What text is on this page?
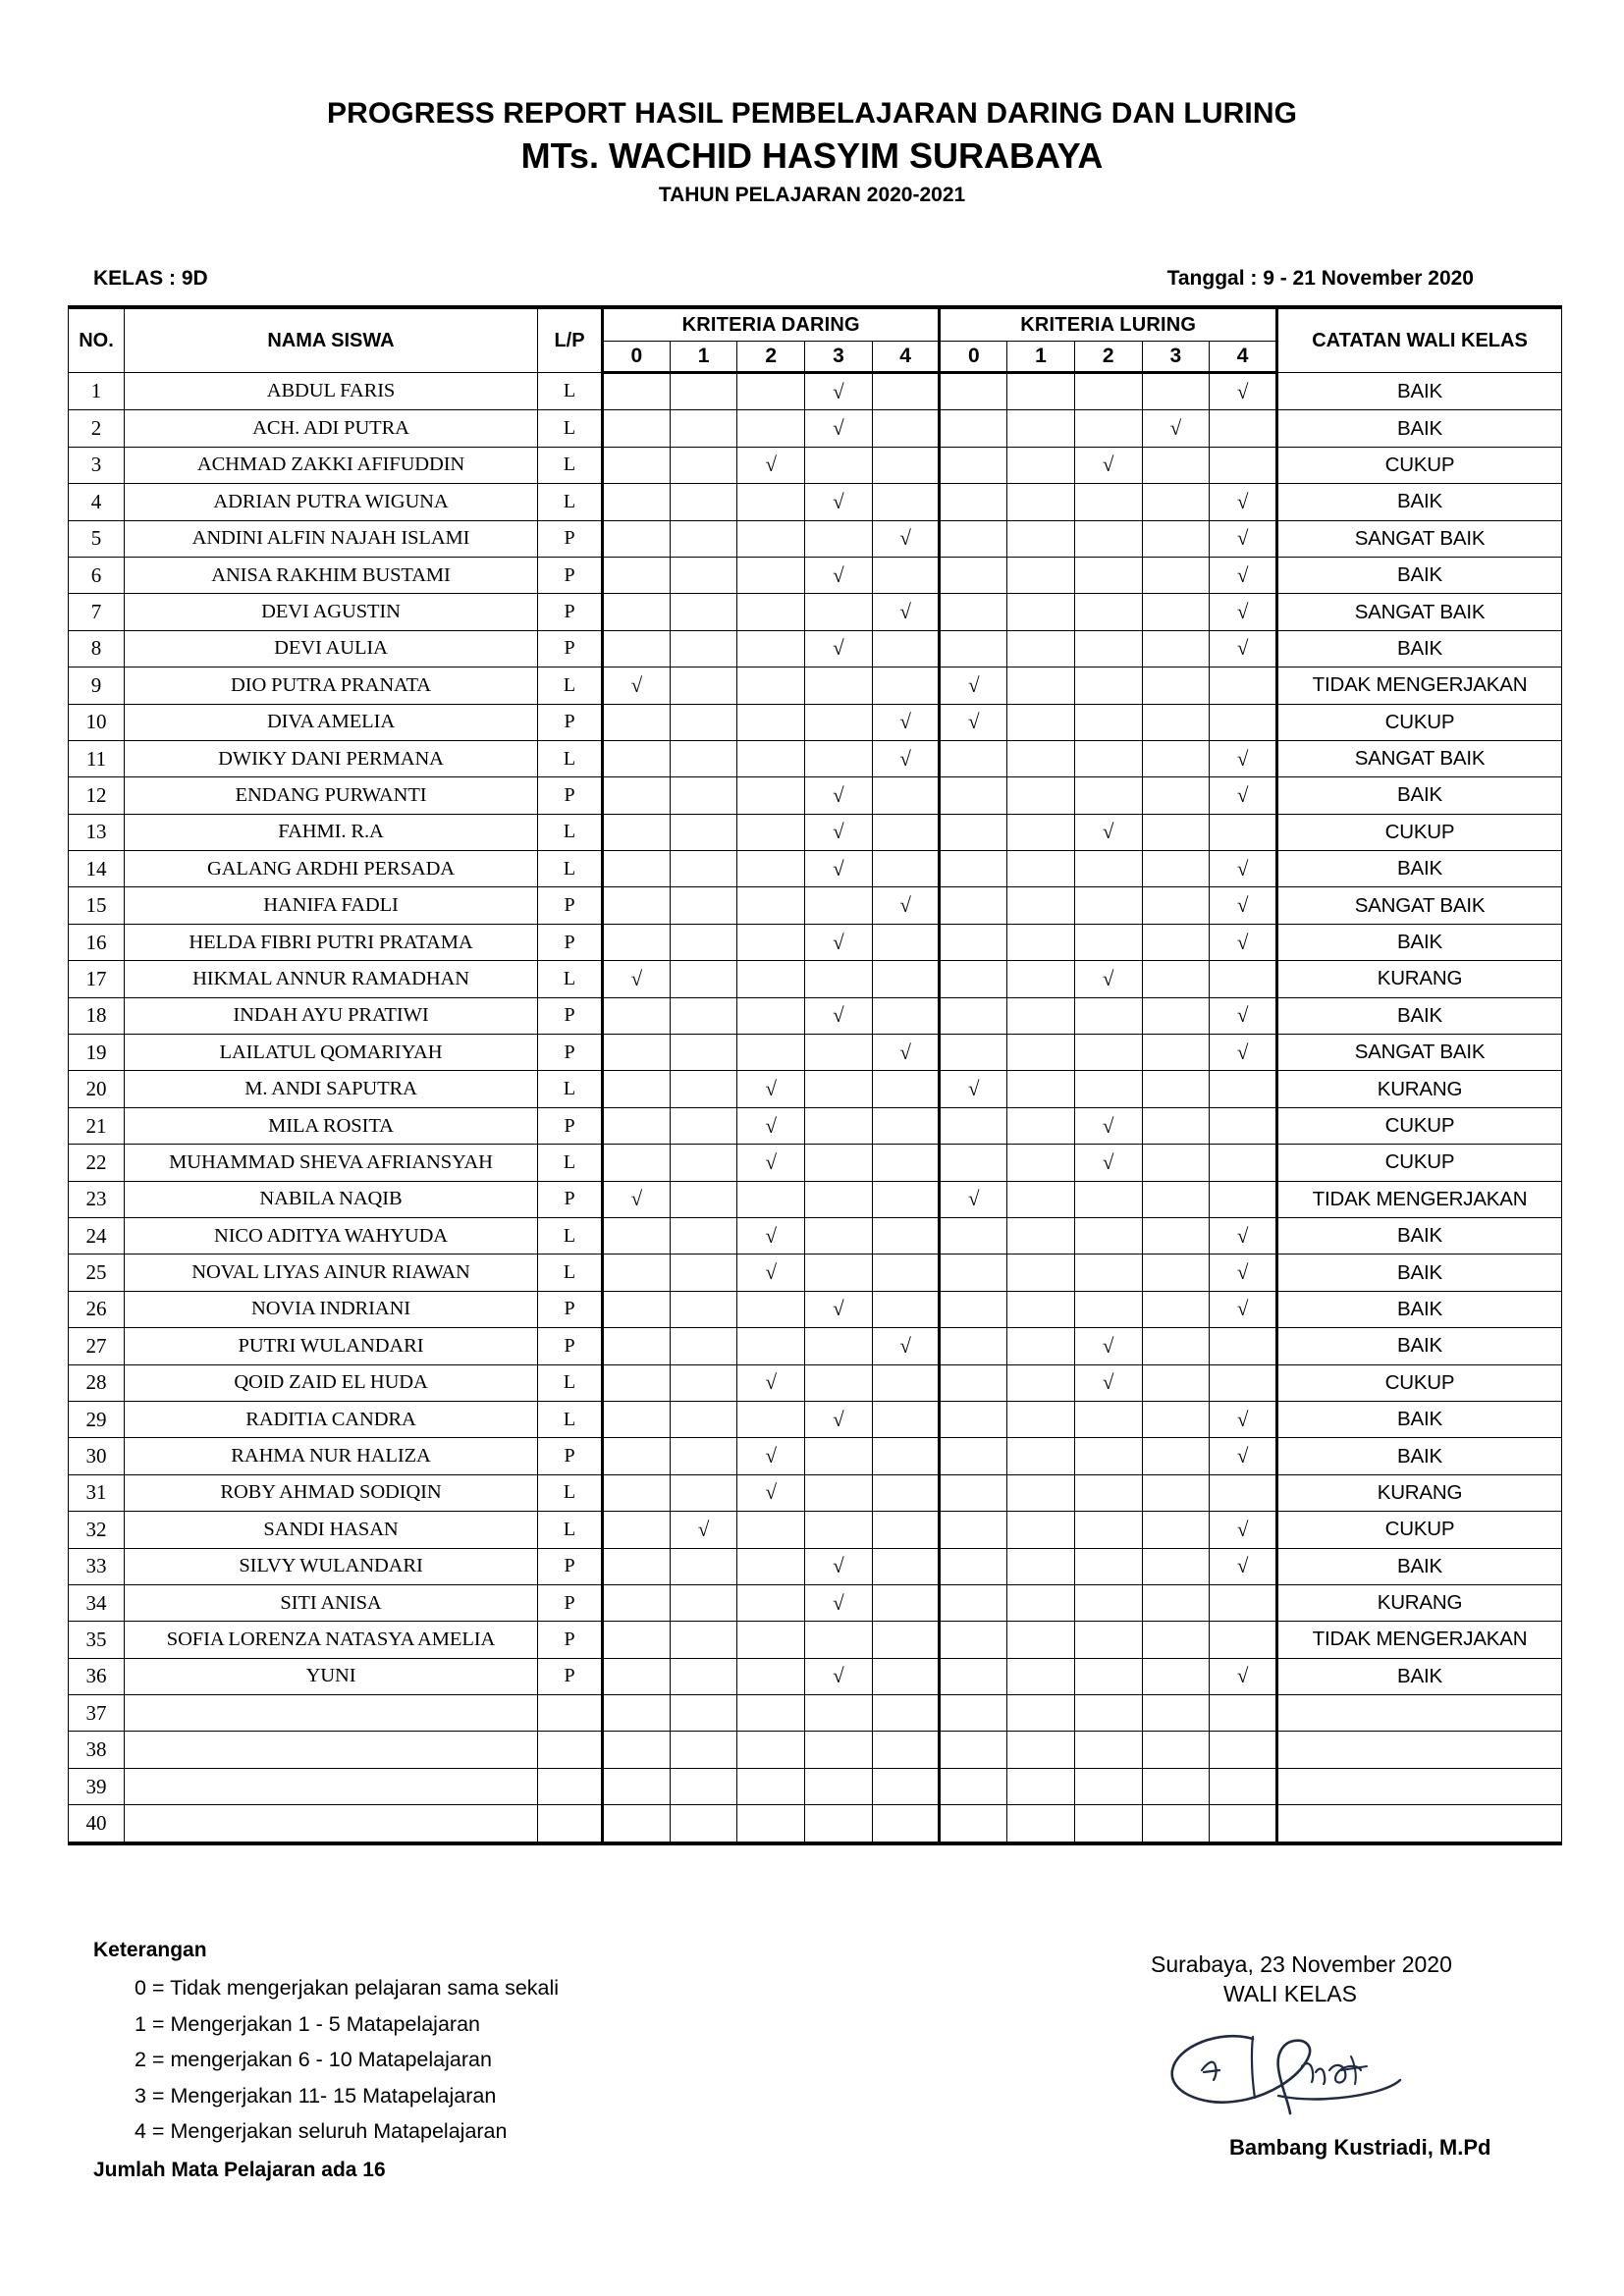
PROGRESS REPORT HASIL PEMBELAJARAN DARING DAN LURING
MTs. WACHID HASYIM SURABAYA
TAHUN PELAJARAN 2020-2021
KELAS : 9D	Tanggal : 9 - 21 November 2020
NO.	NAMA SISWA	L/P	KRITERIA DARING					KRITERIA LURING					CATATAN WALI KELAS
			0	1	2	3	4	0	1	2	3	4	
1	ABDUL FARIS	L				√						√	BAIK
2	ACH. ADI PUTRA	L				√					√		BAIK
3	ACHMAD ZAKKI AFIFUDDIN	L			√					√			CUKUP
4	ADRIAN PUTRA WIGUNA	L				√						√	BAIK
5	ANDINI ALFIN NAJAH ISLAMI	P					√					√	SANGAT BAIK
6	ANISA RAKHIM BUSTAMI	P				√						√	BAIK
7	DEVI AGUSTIN	P					√					√	SANGAT BAIK
8	DEVI AULIA	P				√						√	BAIK
9	DIO PUTRA PRANATA	L	√					√					TIDAK MENGERJAKAN
10	DIVA AMELIA	P					√	√					CUKUP
11	DWIKY DANI PERMANA	L					√					√	SANGAT BAIK
12	ENDANG PURWANTI	P				√						√	BAIK
13	FAHMI. R.A	L				√				√			CUKUP
14	GALANG ARDHI PERSADA	L				√						√	BAIK
15	HANIFA FADLI	P					√					√	SANGAT BAIK
16	HELDA FIBRI PUTRI PRATAMA	P				√						√	BAIK
17	HIKMAL ANNUR RAMADHAN	L	√							√			KURANG
18	INDAH AYU PRATIWI	P				√						√	BAIK
19	LAILATUL QOMARIYAH	P					√					√	SANGAT BAIK
20	M. ANDI SAPUTRA	L			√			√					KURANG
21	MILA ROSITA	P			√					√			CUKUP
22	MUHAMMAD SHEVA AFRIANSYAH	L			√					√			CUKUP
23	NABILA NAQIB	P	√					√					TIDAK MENGERJAKAN
24	NICO ADITYA WAHYUDA	L			√							√	BAIK
25	NOVAL LIYAS AINUR RIAWAN	L			√							√	BAIK
26	NOVIA INDRIANI	P				√						√	BAIK
27	PUTRI WULANDARI	P					√			√			BAIK
28	QOID ZAID EL HUDA	L			√					√			CUKUP
29	RADITIA CANDRA	L				√						√	BAIK
30	RAHMA NUR HALIZA	P			√							√	BAIK
31	ROBY AHMAD SODIQIN	L			√								KURANG
32	SANDI HASAN	L		√								√	CUKUP
33	SILVY WULANDARI	P				√						√	BAIK
34	SITI ANISA	P				√							KURANG
35	SOFIA LORENZA NATASYA AMELIA	P											TIDAK MENGERJAKAN
36	YUNI	P				√						√	BAIK
37													
38													
39													
40													
Keterangan
0 = Tidak mengerjakan pelajaran sama sekali
1 = Mengerjakan 1 - 5 Matapelajaran
2 = mengerjakan 6 - 10 Matapelajaran
3 = Mengerjakan 11- 15 Matapelajaran
4 = Mengerjakan seluruh Matapelajaran
Jumlah Mata Pelajaran ada 16
Surabaya, 23 November 2020
WALI KELAS
Bambang Kustriadi, M.Pd
